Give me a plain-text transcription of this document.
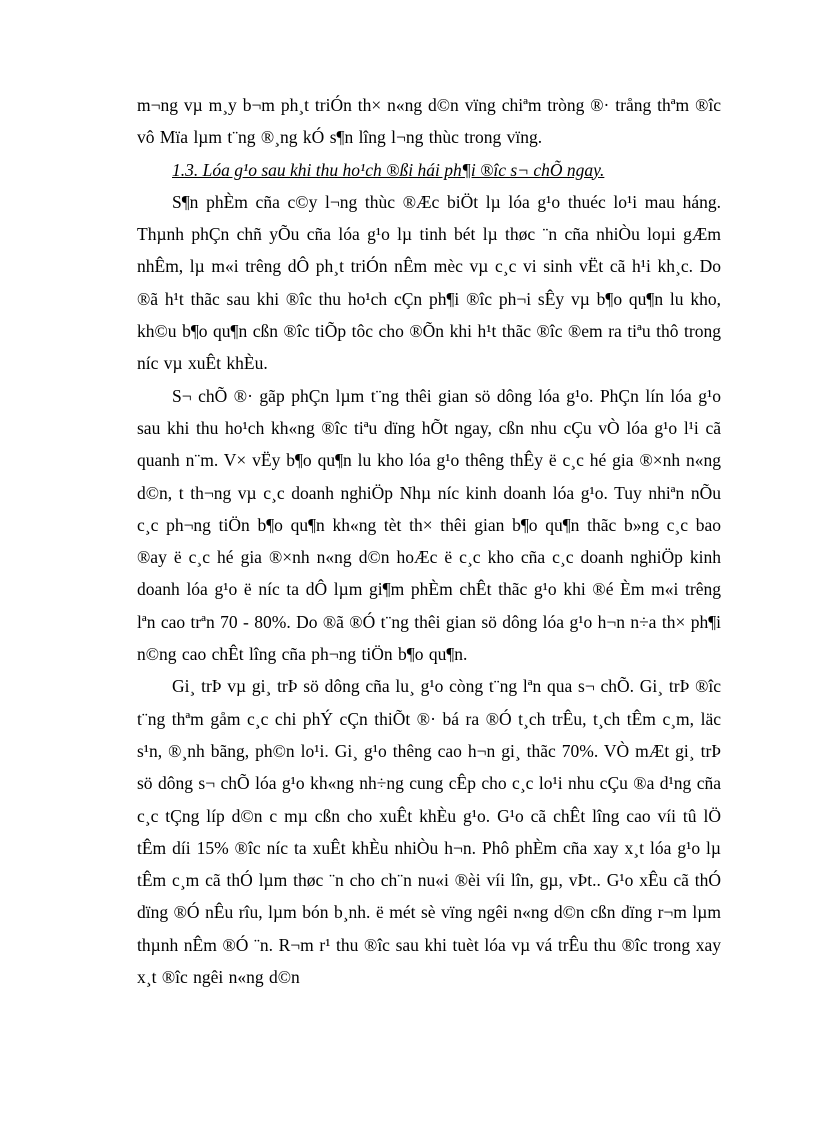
m¬ng vµ m¸y b¬m ph¸t triÓn th× n«ng d©n vïng chiªm tròng ®· trång thªm ®îc vô Mïa lµm t¨ng ®¸ng kÓ s¶n lîng l¬ng thùc trong vïng.

1.3. Lóa g¹o sau khi thu ho¹ch ®ßi hái ph¶i ®îc s¬ chÕ ngay.

S¶n phÈm cña c©y l¬ng thùc ®Æc biÖt lµ lóa g¹o thuéc lo¹i mau háng. Thµnh phÇn chñ yÕu cña lóa g¹o lµ tinh bét lµ thøc ¨n cña nhiÒu loµi gÆm nhÊm, lµ m«i trêng dÔ ph¸t triÓn nÊm mèc vµ c¸c vi sinh vËt cã h¹i kh¸c. Do ®ã h¹t thãc sau khi ®îc thu ho¹ch cÇn ph¶i ®îc ph¬i sÊy vµ b¶o qu¶n lu kho, kh©u b¶o qu¶n cßn ®îc tiÕp tôc cho ®Õn khi h¹t thãc ®îc ®em ra tiªu thô trong níc vµ xuÊt khÈu.

S¬ chÕ ®· gãp phÇn lµm t¨ng thêi gian sö dông lóa g¹o. PhÇn lín lóa g¹o sau khi thu ho¹ch kh«ng ®îc tiªu dïng hÕt ngay, cßn nhu cÇu vÒ lóa g¹o l¹i cã quanh n¨m. V× vËy b¶o qu¶n lu kho lóa g¹o thêng thÊy ë c¸c hé gia ®×nh n«ng d©n, t th¬ng vµ c¸c doanh nghiÖp Nhµ níc kinh doanh lóa g¹o. Tuy nhiªn nÕu c¸c ph¬ng tiÖn b¶o qu¶n kh«ng tèt th× thêi gian b¶o qu¶n thãc b»ng c¸c bao ®ay ë c¸c hé gia ®×nh n«ng d©n hoÆc ë c¸c kho cña c¸c doanh nghiÖp kinh doanh lóa g¹o ë níc ta dÔ lµm gi¶m phÈm chÊt thãc g¹o khi ®é Èm m«i trêng lªn cao trªn 70 - 80%. Do ®ã ®Ó t¨ng thêi gian sö dông lóa g¹o h¬n n÷a th× ph¶i n©ng cao chÊt lîng cña ph¬ng tiÖn b¶o qu¶n.

Gi¸ trÞ vµ gi¸ trÞ sö dông cña lu¸ g¹o còng t¨ng lªn qua s¬ chÕ. Gi¸ trÞ ®îc t¨ng thªm gåm c¸c chi phÝ cÇn thiÕt ®· bá ra ®Ó t¸ch trÊu, t¸ch tÊm c¸m, läc s¹n, ®¸nh bãng, ph©n lo¹i. Gi¸ g¹o thêng cao h¬n gi¸ thãc 70%. VÒ mÆt gi¸ trÞ sö dông s¬ chÕ lóa g¹o kh«ng nh÷ng cung cÊp cho c¸c lo¹i nhu cÇu ®a d¹ng cña c¸c tÇng líp d©n c mµ cßn cho xuÊt khÈu g¹o. G¹o cã chÊt lîng cao víi tû lÖ tÊm díi 15% ®îc níc ta xuÊt khÈu nhiÒu h¬n. Phô phÈm cña xay x¸t lóa g¹o lµ tÊm c¸m cã thÓ lµm thøc ¨n cho ch¨n nu«i ®èi víi lîn, gµ, vÞt.. G¹o xÊu cã thÓ dïng ®Ó nÊu rîu, lµm bón b¸nh. ë mét sè vïng ngêi n«ng d©n cßn dïng r¬m lµm thµnh nÊm ®Ó ¨n. R¬m r¹ thu ®îc sau khi tuèt lóa vµ vá trÊu thu ®îc trong xay x¸t ®îc ngêi n«ng d©n
